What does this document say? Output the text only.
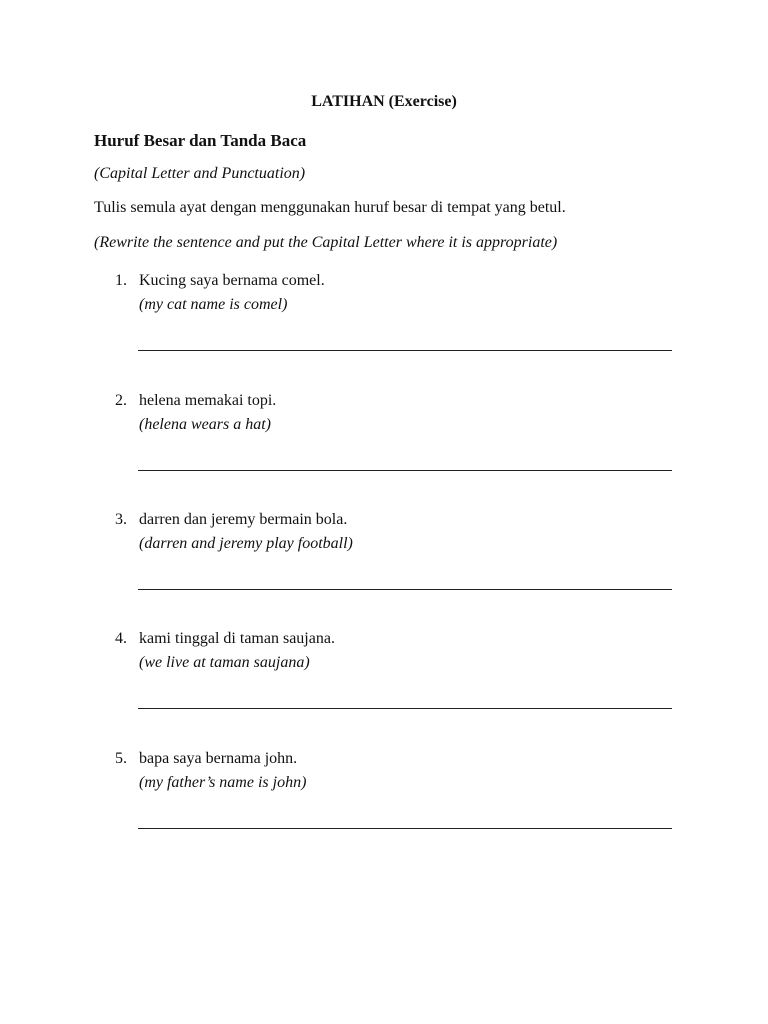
LATIHAN (Exercise)
Huruf Besar dan Tanda Baca
(Capital Letter and Punctuation)
Tulis semula ayat dengan menggunakan huruf besar di tempat yang betul.
(Rewrite the sentence and put the Capital Letter where it is appropriate)
1. Kucing saya bernama comel.
(my cat name is comel)
2. helena memakai topi.
(helena wears a hat)
3. darren dan jeremy bermain bola.
(darren and jeremy play football)
4. kami tinggal di taman saujana.
(we live at taman saujana)
5. bapa saya bernama john.
(my father’s name is john)
